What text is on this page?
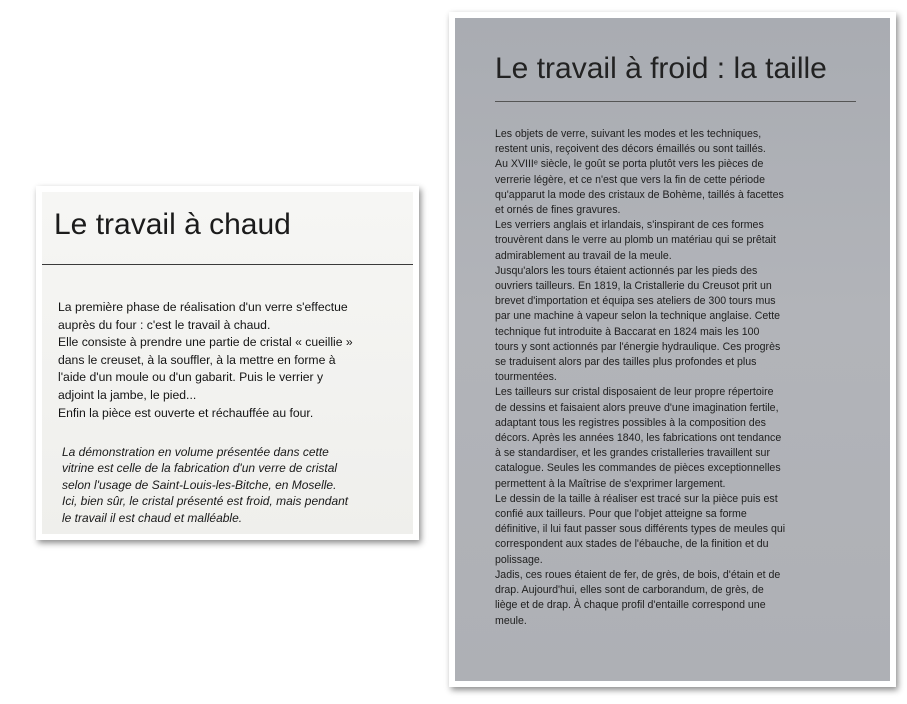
Le travail à chaud
La première phase de réalisation d'un verre s'effectue
auprès du four : c'est le travail à chaud.
Elle consiste à prendre une partie de cristal « cueillie »
dans le creuset, à la souffler, à la mettre en forme à
l'aide d'un moule ou d'un gabarit. Puis le verrier y
adjoint la jambe, le pied...
Enfin la pièce est ouverte et réchauffée au four.
La démonstration en volume présentée dans cette
vitrine est celle de la fabrication d'un verre de cristal
selon l'usage de Saint-Louis-les-Bitche, en Moselle.
Ici, bien sûr, le cristal présenté est froid, mais pendant
le travail il est chaud et malléable.
Le travail à froid : la taille
Les objets de verre, suivant les modes et les techniques,
restent unis, reçoivent des décors émaillés ou sont taillés.
Au XVIIIᵉ siècle, le goût se porta plutôt vers les pièces de
verrerie légère, et ce n'est que vers la fin de cette période
qu'apparut la mode des cristaux de Bohème, taillés à facettes
et ornés de fines gravures.
Les verriers anglais et irlandais, s'inspirant de ces formes
trouvèrent dans le verre au plomb un matériau qui se prêtait
admirablement au travail de la meule.
Jusqu'alors les tours étaient actionnés par les pieds des
ouvriers tailleurs. En 1819, la Cristallerie du Creusot prit un
brevet d'importation et équipa ses ateliers de 300 tours mus
par une machine à vapeur selon la technique anglaise. Cette
technique fut introduite à Baccarat en 1824 mais les 100
tours y sont actionnés par l'énergie hydraulique. Ces progrès
se traduisent alors par des tailles plus profondes et plus
tourmentées.
Les tailleurs sur cristal disposaient de leur propre répertoire
de dessins et faisaient alors preuve d'une imagination fertile,
adaptant tous les registres possibles à la composition des
décors. Après les années 1840, les fabrications ont tendance
à se standardiser, et les grandes cristalleries travaillent sur
catalogue. Seules les commandes de pièces exceptionnelles
permettent à la Maîtrise de s'exprimer largement.
Le dessin de la taille à réaliser est tracé sur la pièce puis est
confié aux tailleurs. Pour que l'objet atteigne sa forme
définitive, il lui faut passer sous différents types de meules qui
correspondent aux stades de l'ébauche, de la finition et du
polissage.
Jadis, ces roues étaient de fer, de grès, de bois, d'étain et de
drap. Aujourd'hui, elles sont de carborandum, de grès, de
liège et de drap. À chaque profil d'entaille correspond une
meule.
